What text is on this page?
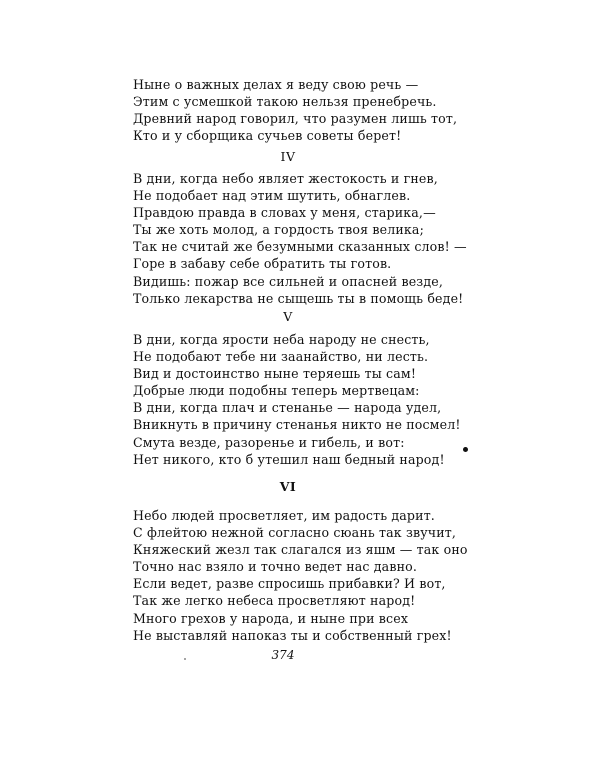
Ныне о важных делах я веду свою речь —
Этим с усмешкой такою нельзя пренебречь.
Древний народ говорил, что разумен лишь тот,
Кто и у сборщика сучьев советы берет!
IV
В дни, когда небо являет жестокость и гнев,
Не подобает над этим шутить, обнаглев.
Правдою правда в словах у меня, старика,—
Ты же хоть молод, а гордость твоя велика;
Так не считай же безумными сказанных слов! —
Горе в забаву себе обратить ты готов.
Видишь: пожар все сильней и опасней везде,
Только лекарства не сыщешь ты в помощь беде!
V
В дни, когда ярости неба народу не снесть,
Не подобают тебе ни заанайство, ни лесть.
Вид и достоинство ныне теряешь ты сам!
Добрые люди подобны теперь мертвецам:
В дни, когда плач и стенанье — народа удел,
Вникнуть в причину стенанья никто не посмел!
Смута везде, разоренье и гибель, и вот:
Нет никого, кто б утешил наш бедный народ!
VI
Небо людей просветляет, им радость дарит.
С флейтою нежной согласно сюань так звучит,
Княжеский жезл так слагался из яшм — так оно
Точно нас взяло и точно ведет нас давно.
Если ведет, разве спросишь прибавки? И вот,
Так же легко небеса просветляют народ!
Много грехов у народа, и ныне при всех
Не выставляй напоказ ты и собственный грех!
374
